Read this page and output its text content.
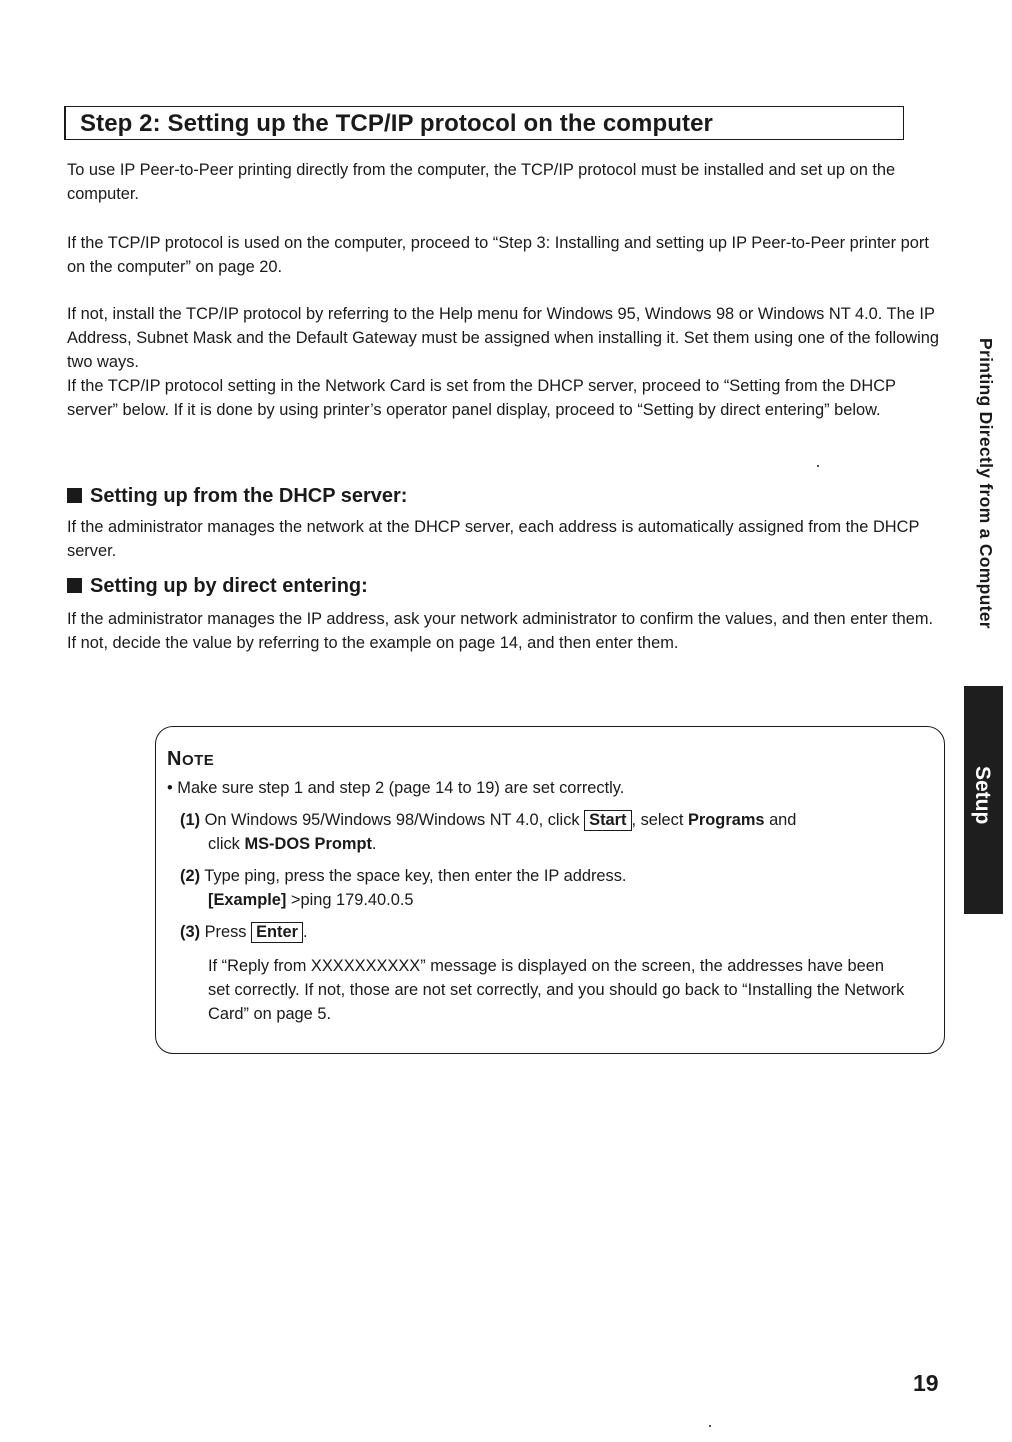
Step 2: Setting up the TCP/IP protocol on the computer

To use IP Peer-to-Peer printing directly from the computer, the TCP/IP protocol must be installed and set up on the computer.

If the TCP/IP protocol is used on the computer, proceed to “Step 3: Installing and setting up IP Peer-to-Peer printer port on the computer” on page 20.

If not, install the TCP/IP protocol by referring to the Help menu for Windows 95, Windows 98 or Windows NT 4.0. The IP Address, Subnet Mask and the Default Gateway must be assigned when installing it. Set them using one of the following two ways.

If the TCP/IP protocol setting in the Network Card is set from the DHCP server, proceed to “Setting from the DHCP server” below. If it is done by using printer’s operator panel display, proceed to “Setting by direct entering” below.

Setting up from the DHCP server:

If the administrator manages the network at the DHCP server, each address is automatically assigned from the DHCP server.

Setting up by direct entering:

If the administrator manages the IP address, ask your network administrator to confirm the values, and then enter them. If not, decide the value by referring to the example on page 14, and then enter them.

NOTE

• Make sure step 1 and step 2 (page 14 to 19) are set correctly.

(1) On Windows 95/Windows 98/Windows NT 4.0, click Start , select Programs and

click MS-DOS Prompt.

(2) Type ping, press the space key, then enter the IP address.

[Example] >ping 179.40.0.5

(3) Press Enter .

If “Reply from XXXXXXXXXX” message is displayed on the screen, the addresses have been set correctly. If not, those are not set correctly, and you should go back to “Installing the Network Card” on page 5.

Printing Directly from a Computer
Setup
19
